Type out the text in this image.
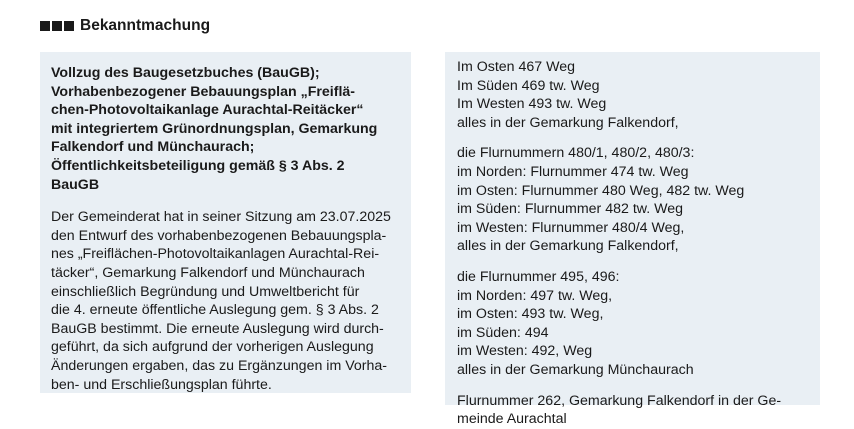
Bekanntmachung

Vollzug des Baugesetzbuches (BauGB);

Vorhabenbezogener Bebauungsplan „Freiflä-

chen-Photovoltaikanlage Aurachtal-Reitäcker“

mit integriertem Grünordnungsplan, Gemarkung

Falkendorf und Münchaurach;

Öffentlichkeitsbeteiligung gemäß § 3 Abs. 2

BauGB

Der Gemeinderat hat in seiner Sitzung am 23.07.2025

den Entwurf des vorhabenbezogenen Bebauungspla-

nes „Freiflächen-Photovoltaikanlagen Aurachtal-Rei-

täcker“, Gemarkung Falkendorf und Münchaurach

einschließlich Begründung und Umweltbericht für

die 4. erneute öffentliche Auslegung gem. § 3 Abs. 2

BauGB bestimmt. Die erneute Auslegung wird durch-

geführt, da sich aufgrund der vorherigen Auslegung

Änderungen ergaben, das zu Ergänzungen im Vorha-

ben- und Erschließungsplan führte.

Im Osten 467 Weg

Im Süden 469 tw. Weg

Im Westen 493 tw. Weg

alles in der Gemarkung Falkendorf,

die Flurnummern 480/1, 480/2, 480/3:

im Norden: Flurnummer 474 tw. Weg

im Osten: Flurnummer 480 Weg, 482 tw. Weg

im Süden: Flurnummer 482 tw. Weg

im Westen: Flurnummer 480/4 Weg,

alles in der Gemarkung Falkendorf,

die Flurnummer 495, 496:

im Norden: 497 tw. Weg,

im Osten: 493 tw. Weg,

im Süden: 494

im Westen: 492, Weg

alles in der Gemarkung Münchaurach

Flurnummer 262, Gemarkung Falkendorf in der Ge-

meinde Aurachtal
